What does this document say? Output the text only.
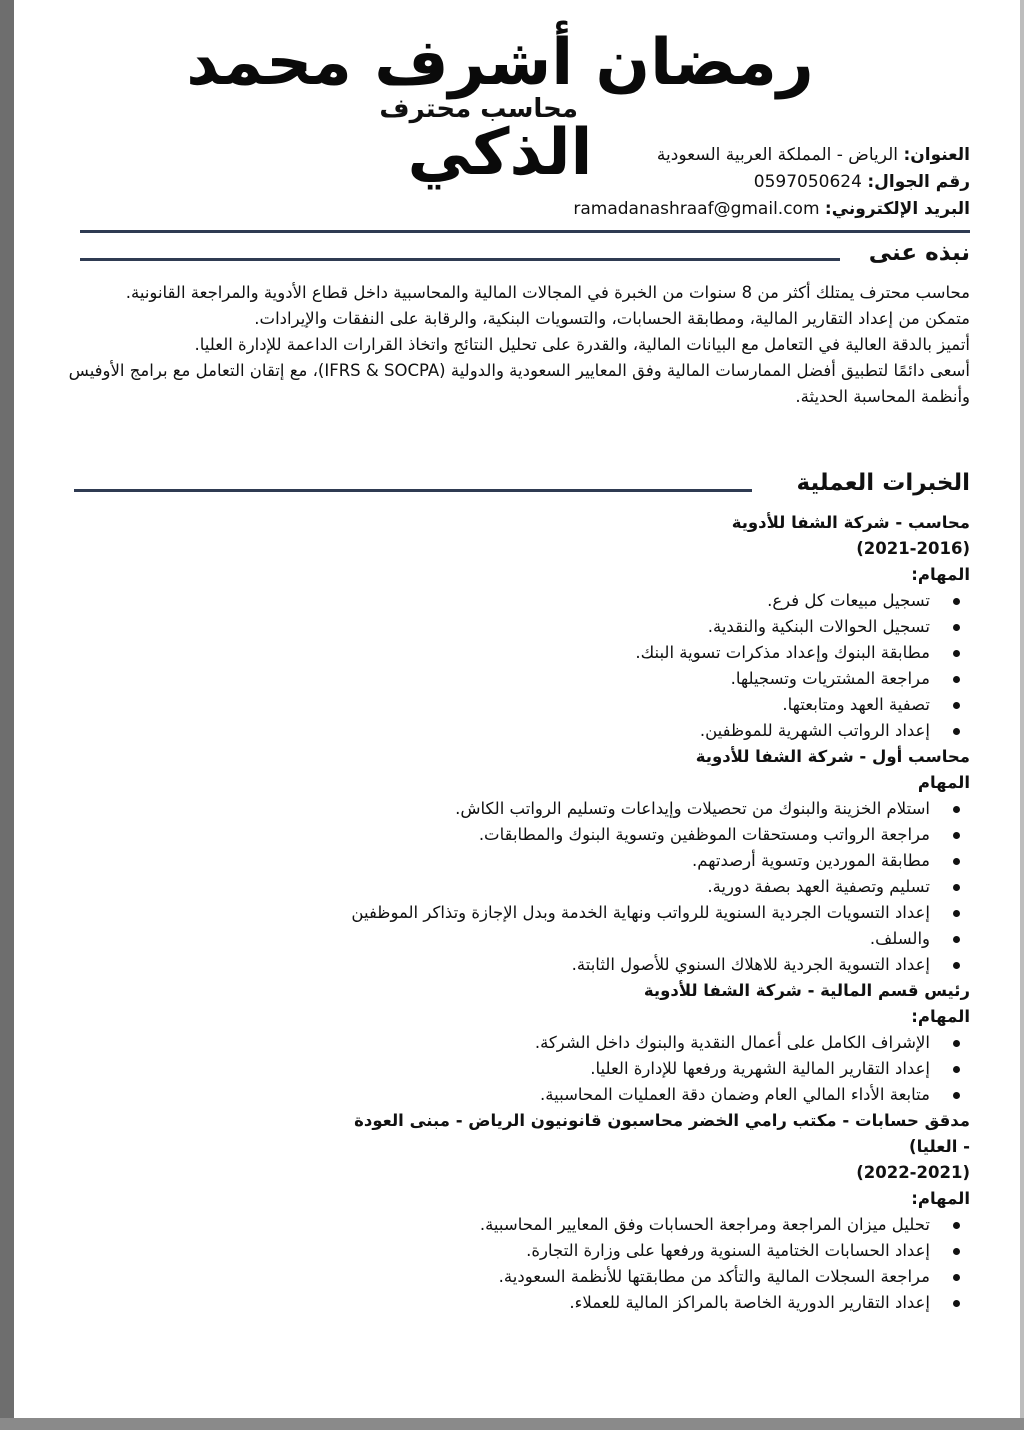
رمضان أشرف محمد الذكي
محاسب محترف
العنوان: الرياض - المملكة العربية السعودية
رقم الجوال: 0597050624
البريد الإلكتروني: ramadanashraaf@gmail.com
نبذه عنى

محاسب محترف يمتلك أكثر من 8 سنوات من الخبرة في المجالات المالية والمحاسبية داخل قطاع الأدوية والمراجعة القانونية.

متمكن من إعداد التقارير المالية، ومطابقة الحسابات، والتسويات البنكية، والرقابة على النفقات والإيرادات.

أتميز بالدقة العالية في التعامل مع البيانات المالية، والقدرة على تحليل النتائج واتخاذ القرارات الداعمة للإدارة العليا.

أسعى دائمًا لتطبيق أفضل الممارسات المالية وفق المعايير السعودية والدولية (IFRS & SOCPA)، مع إتقان التعامل مع برامج الأوفيس وأنظمة المحاسبة الحديثة.

الخبرات العملية
محاسب - شركة الشفا للأدوية
(2021-2016)
المهام:
تسجيل مبيعات كل فرع.
تسجيل الحوالات البنكية والنقدية.
مطابقة البنوك وإعداد مذكرات تسوية البنك.
مراجعة المشتريات وتسجيلها.
تصفية العهد ومتابعتها.
إعداد الرواتب الشهرية للموظفين.
محاسب أول - شركة الشفا للأدوية
المهام
استلام الخزينة والبنوك من تحصيلات وإيداعات وتسليم الرواتب الكاش.
مراجعة الرواتب ومستحقات الموظفين وتسوية البنوك والمطابقات.
مطابقة الموردين وتسوية أرصدتهم.
تسليم وتصفية العهد بصفة دورية.
إعداد التسويات الجردية السنوية للرواتب ونهاية الخدمة وبدل الإجازة وتذاكر الموظفين
والسلف.
إعداد التسوية الجردية للاهلاك السنوي للأصول الثابتة.
رئيس قسم المالية - شركة الشفا للأدوية
المهام:
الإشراف الكامل على أعمال النقدية والبنوك داخل الشركة.
إعداد التقارير المالية الشهرية ورفعها للإدارة العليا.
متابعة الأداء المالي العام وضمان دقة العمليات المحاسبية.
مدقق حسابات - مكتب رامي الخضر محاسبون قانونيون الرياض - مبنى العودة - العليا)
(2022-2021)
المهام:
تحليل ميزان المراجعة ومراجعة الحسابات وفق المعايير المحاسبية.
إعداد الحسابات الختامية السنوية ورفعها على وزارة التجارة.
مراجعة السجلات المالية والتأكد من مطابقتها للأنظمة السعودية.
إعداد التقارير الدورية الخاصة بالمراكز المالية للعملاء.
